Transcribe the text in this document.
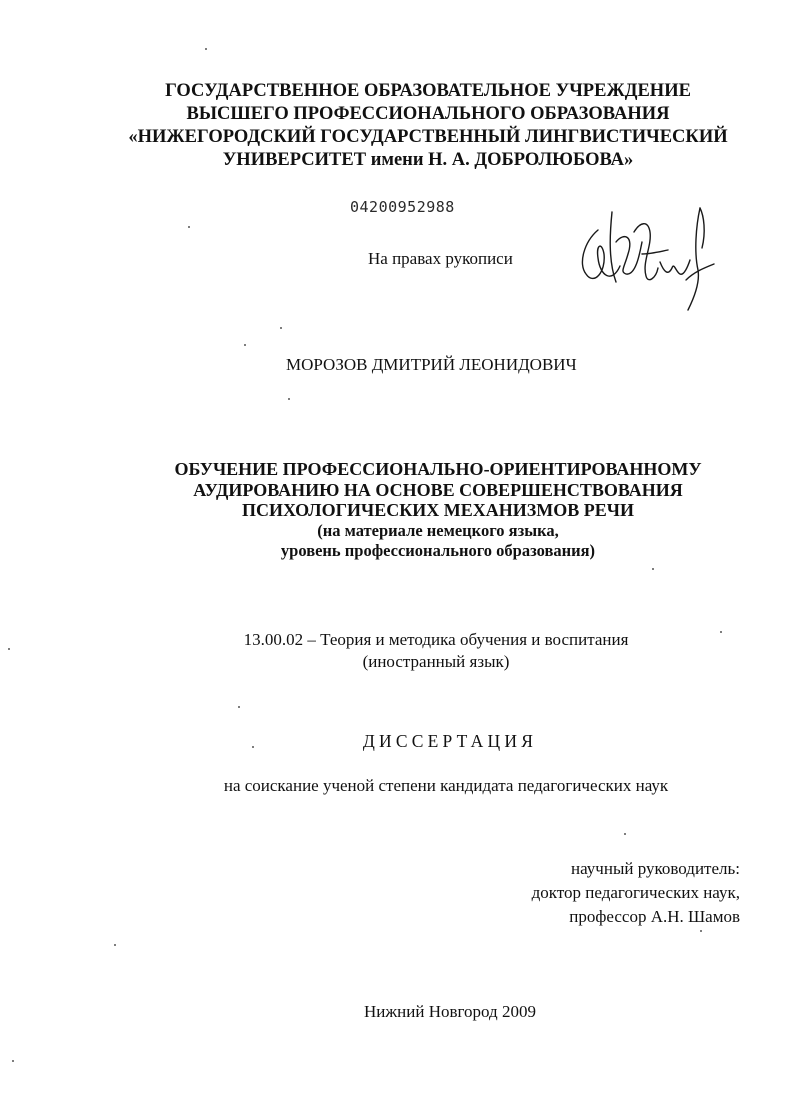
ГОСУДАРСТВЕННОЕ ОБРАЗОВАТЕЛЬНОЕ УЧРЕЖДЕНИЕ
ВЫСШЕГО ПРОФЕССИОНАЛЬНОГО ОБРАЗОВАНИЯ
«НИЖЕГОРОДСКИЙ ГОСУДАРСТВЕННЫЙ ЛИНГВИСТИЧЕСКИЙ
УНИВЕРСИТЕТ имени Н. А. ДОБРОЛЮБОВА»
04200952988
На правах рукописи
МОРОЗОВ ДМИТРИЙ ЛЕОНИДОВИЧ
ОБУЧЕНИЕ ПРОФЕССИОНАЛЬНО-ОРИЕНТИРОВАННОМУ
АУДИРОВАНИЮ НА ОСНОВЕ СОВЕРШЕНСТВОВАНИЯ
ПСИХОЛОГИЧЕСКИХ МЕХАНИЗМОВ РЕЧИ
(на материале немецкого языка,
уровень профессионального образования)
13.00.02 – Теория и методика обучения и воспитания
(иностранный язык)
ДИССЕРТАЦИЯ
на соискание ученой степени кандидата педагогических наук
научный руководитель:
доктор педагогических наук,
профессор А.Н. Шамов
Нижний Новгород 2009
